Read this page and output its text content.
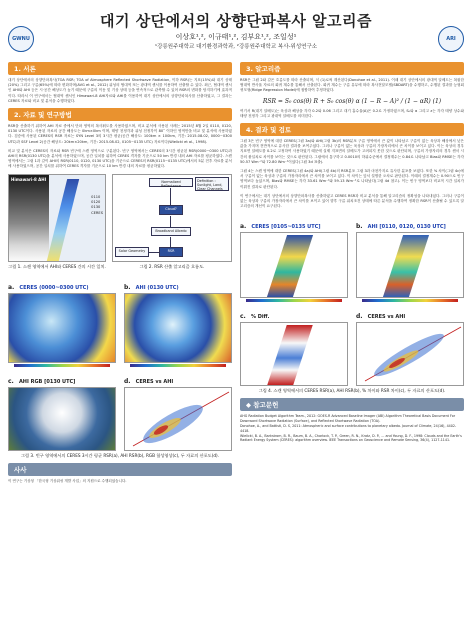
GWNU	ARI
대기 상단에서의 상향단파복사 알고리즘
이상호¹,², 이규태¹,², 김부요¹,², 조일성¹
¹강릉원주대학교 대기환경과학과, ²강릉원주대학교 복사-위성연구소
1. 서론
대기 상단에서의 상향단파복사(TOA RSR; TOA of Atmosphere Reflected Shortwave Radiation, 이하 RSR)는 지표(15%)와 대기 상태(20%) 그리고 구름(65%)에 따라 변화하며(AVG et al., 2012) 위성의 협대역 또는 광대역 센서를 이용하여 산출할 수 있다. 최근, 협대역 센서인 AHI와 AHI 등은 시·공간 해상도가 높기 때문에 구름의 이동 및 기상 상태 등을 연속적으로 관측할 수 있어 RSR의 변화를 탐지하기에 효과적이다. 따라서 이 연구에서는 협대역 센서인 Himawari-8 AHI자료와 AHI를 이용하여 대기 상단에서의 상향단파복사를 산출하였고, 그 결과는 CERES 자료와 비교 및 분석을 수행하였다.
2. 자료 및 연구방법
RSR을 산출하기 위하여 AHI 자료 중에서 단파 영역의 복사휘도를 사용하였으며, 비교 분석에 사용된 사례는 2015년 8월 2일 0110, 0120, 0130 UTC이다. 사용된 자료의 공간 해상도는 0km×0km 이며, 태양 천정각과 위성 천정각이 80˚ 이하인 영역만을 비교 및 분석에 사용하였다. 검증에 사용된 CERES의 RSR 자료는 SYN Level 3의 3시간 평균(공간 해상도: 100km × 100km, 기간: 2015.08.02, 0000~0300 UTC)과 SSF Level 2(공간 해상도: 20km×20km, 기간: 2015.08.02, 0105~0135 UTC) 자료이다(Wielicki et al., 1998).
비교 및 분석은 CERES의 자료와 RSR 빈구에 스캔 영역으로 구분된다. 빈구 영역에서는 CERES의 3시간 평균된 RSR(0000~0300 UTC)과 AHI의 RSR(0130 UTC)을 분석에 사용하였으며, 공간 일치를 위하여 CERES 격자를 기준으로 50 km 반경 내의 AHI 자료를 평균하였다. 스캔 영역에서는 그림 1과 같이 AHI의 RSR(0110, 0120, 0130 UTC)을 기준으로 CERES의 RSR(0115~0135 UTC)에서의 5분 전후 자료를 분석에 사용하였으며, 공간 일치를 위하여 CERES 격자를 기준으로 10 km 반경 내의 자료를 평균하였다.
Himawari-8 AHI
0110
0120
0130
CERES
그림 1. 스캔 영역에서 AHI와 CERES 간의 시간 일치.
Normalized Reflectance
Definition : Sunlight, Land, Clear Channels
Cloud?
Broadband Albedo
RSR
Solar Geometry
그림 2. RSR 산출 알고리즘 흐름도.
a. CERES (0000~0300 UTC)	b. AHI (0130 UTC)
c. AHI RGB [0130 UTC]	d. CERES vs AHI
그림 3. 빈구 영역에서의 CERES 3시간 평균 RSR(a), AHI RSR(b), RGB 합성영상(c), 두 자료의 산포도(d).
사사
이 연구는 기상청 「한국형 기상위성 개발 사업」의 지원으로 수행되었습니다.
3. 알고리즘
RSR은 그림 2와 같은 흐름도를 따라 산출되며, 식 (1)로써 계산된다(Donohoe et al., 2011). 이때 대기 상단에서의 광대역 알베도는 복잡한 협대역 반사율 자료의 회귀 계수를 통해서 산출된다. 회귀 계수는 구름 유무에 따라 복사전달모델(SBDART)을 수행하고, 수행된 결과를 능형회귀모형(Ridge Regression Model)에 접합하여 추정하였다.
RSR = S₀ cos(θ) R + S₀ cos(θ) α (1 − R − A)² / (1 − αR) (1)
여기서 R(대기 알베도)는 육상과 해상을 각각 0.2와 0.06 그리고 대기 흡수율(A)은 0.2로 가정하였으며, S₀와 α 그리고 z는 각각 태양 상수와 태양 천정각 그리고 광대역 알베도를 의미한다.
4. 결과 및 검토
그림 3은 빈구 영역에 대한 CERES(그림 3a)와 AHI(그림 3b)의 RSR분포 구름 영역에서 큰 값이 나타났고 구름이 없는 육상과 해상에서 낮은 값을 가지며 전반적으로 유사한 결과를 보여주었다. 그러나 구름이 없는 육상과 구름의 가장자리에서 큰 차이를 보이고 있다. 이는 육상의 경우 지표면 알베도를 0.2로 고정하여 사용하였기 때문에 실제 지표면의 알베도가 고려되지 못한 것으로 판단되며, 구름의 가장자리의 경우 센서 시간의 불일치로 차이를 보이는 것으로 판단된다. 그림에서 통구하고 0.0010의 하위수준에서 결정계수는 0.84로 나타났고 Bias와 RMSE는 각각 50.57 Wm⁻²와 72.80 Wm⁻²이었다(그림 3d 표출).
그림 4는 스캔 영역에 대한 CERES(그림 4a)와 AHI(그림 4b)의 RSR분포 그림 3과 마찬가지로 유사한 분포를 보였다. 또한 % 차이(그림 4c)에서 구름이 없는 육상과 구름의 가장자리에서 큰 차이를 보이고 있다. 이 차이는 앞서 설명한 오차로 판단된다. 이때의 결정계수는 0.90으로 빈구 영역보다 높았으며, Bias와 RMSE는 각각 33.61 Wm⁻²와 59.13 Wm⁻²로 나타났다(그림 4d 참고). 이는 빈구 영역보다 비교적 시간 일치가 이뤄진 결과로 판단된다.
이 연구에서는 대기 상단에서의 상향단파복사를 산출하였고 CERES RSR과 비교 분석을 통해 알고리즘의 정확성을 나타내었다. 그러나 구름이 없는 육상과 구름의 가장자리에서 큰 차이를 보이고 있어 향후 구름 위치조건 상태에 따른 분석을 수행하여 정확한 RSR이 산출될 수 있도록 알고리즘의 개선이 요구된다.
a. CERES [0105~0135 UTC]	b. AHI [0110, 0120, 0130 UTC]
c. % Diff.	d. CERES vs AHI
그림 4. 스캔 영역에서의 CERES RSR(a), AHI RSR(b), % 차이와 RSR 차이(c), 두 자료의 산포도(d).
◆ 참고문헌
AHG Radiation Budget Algorithm Team., 2012: GOES-R Advanced Baseline Imager (ABI) Algorithm Theoretical Basis Document For Downward Shortwave Radiation (Surface), and Reflected Shortwave Radiation (TOA).
Donohoe, A., and Battisti, D. S, 2011: Atmospheric and surface contributions to planetary albedo. Journal of Climate, 24(16), 4402-4418.
Wielicki, B. A., Barkstrom, B. R., Baum, B. A., Charlock, T. P., Green, R. N., Kratz, D. P., ... and Young, D. F., 1998: Clouds and the Earth's Radiant Energy System (CERES): algorithm overview. IEEE Transactions on Geoscience and Remote Sensing, 36(4), 1127-1141.
